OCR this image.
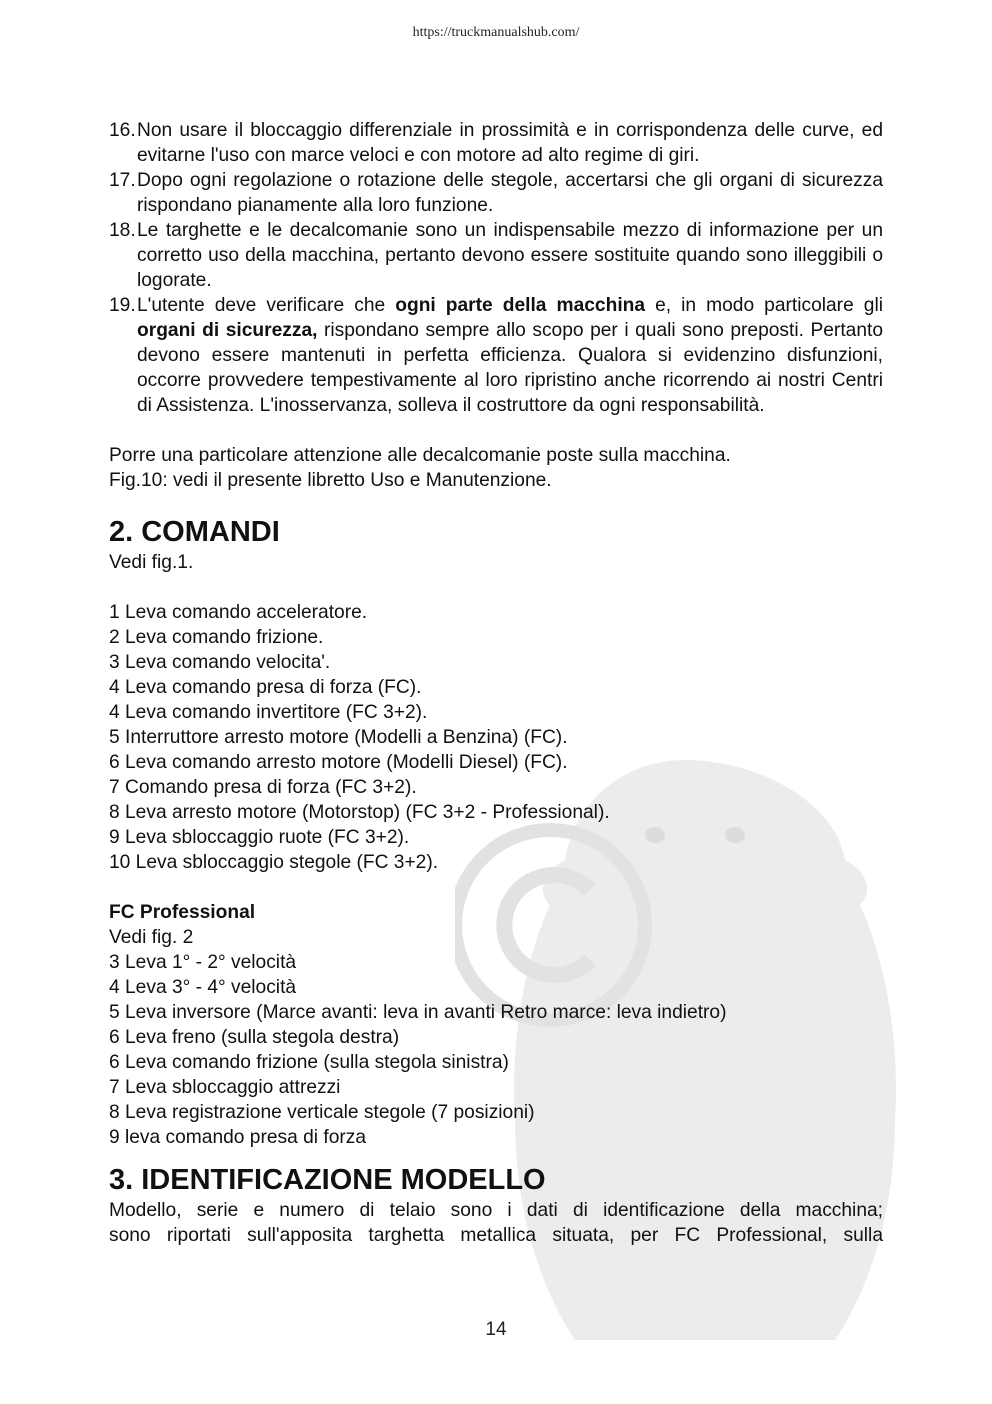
https://truckmanualshub.com/
16.Non usare il bloccaggio differenziale in prossimità e in corrispondenza delle curve, ed evitarne l'uso con marce veloci e con motore ad alto regime di giri.
17.Dopo ogni regolazione o rotazione delle stegole, accertarsi che gli organi di sicurezza rispondano pianamente alla loro funzione.
18.Le targhette e le decalcomanie sono un indispensabile mezzo di informazione per un corretto uso della macchina, pertanto devono essere sostituite quando sono illeggibili o logorate.
19.L'utente deve verificare che ogni parte della macchina e, in modo particolare gli organi di sicurezza, rispondano sempre allo scopo per i quali sono preposti. Pertanto devono essere mantenuti in perfetta efficienza. Qualora si evidenzino disfunzioni, occorre provvedere tempestivamente al loro ripristino anche ricorrendo ai nostri Centri di Assistenza. L'inosservanza, solleva il costruttore da ogni responsabilità.

Porre una particolare attenzione alle decalcomanie poste sulla macchina.

Fig.10: vedi il presente libretto Uso e Manutenzione.

2. COMANDI

Vedi fig.1.

1 Leva comando acceleratore.

2 Leva comando frizione.

3 Leva comando velocita'.

4 Leva comando presa di forza (FC).

4 Leva comando invertitore (FC 3+2).

5 Interruttore arresto motore (Modelli a Benzina) (FC).

6 Leva comando arresto motore (Modelli Diesel) (FC).

7 Comando presa di forza (FC 3+2).

8 Leva arresto motore (Motorstop) (FC 3+2 - Professional).

9 Leva sbloccaggio ruote (FC 3+2).

10 Leva sbloccaggio stegole (FC 3+2).

FC Professional

Vedi fig. 2

3 Leva 1° - 2° velocità

4 Leva 3° - 4° velocità

5 Leva inversore (Marce avanti: leva in avanti Retro marce: leva indietro)

6 Leva freno (sulla stegola destra)

6 Leva comando frizione (sulla stegola sinistra)

7 Leva sbloccaggio attrezzi

8 Leva registrazione verticale stegole (7 posizioni)

9 leva comando presa di forza

3. IDENTIFICAZIONE MODELLO

Modello, serie e numero di telaio sono i dati di identificazione della macchina;

sono riportati sull'apposita targhetta metallica situata, per FC Professional, sulla

14
